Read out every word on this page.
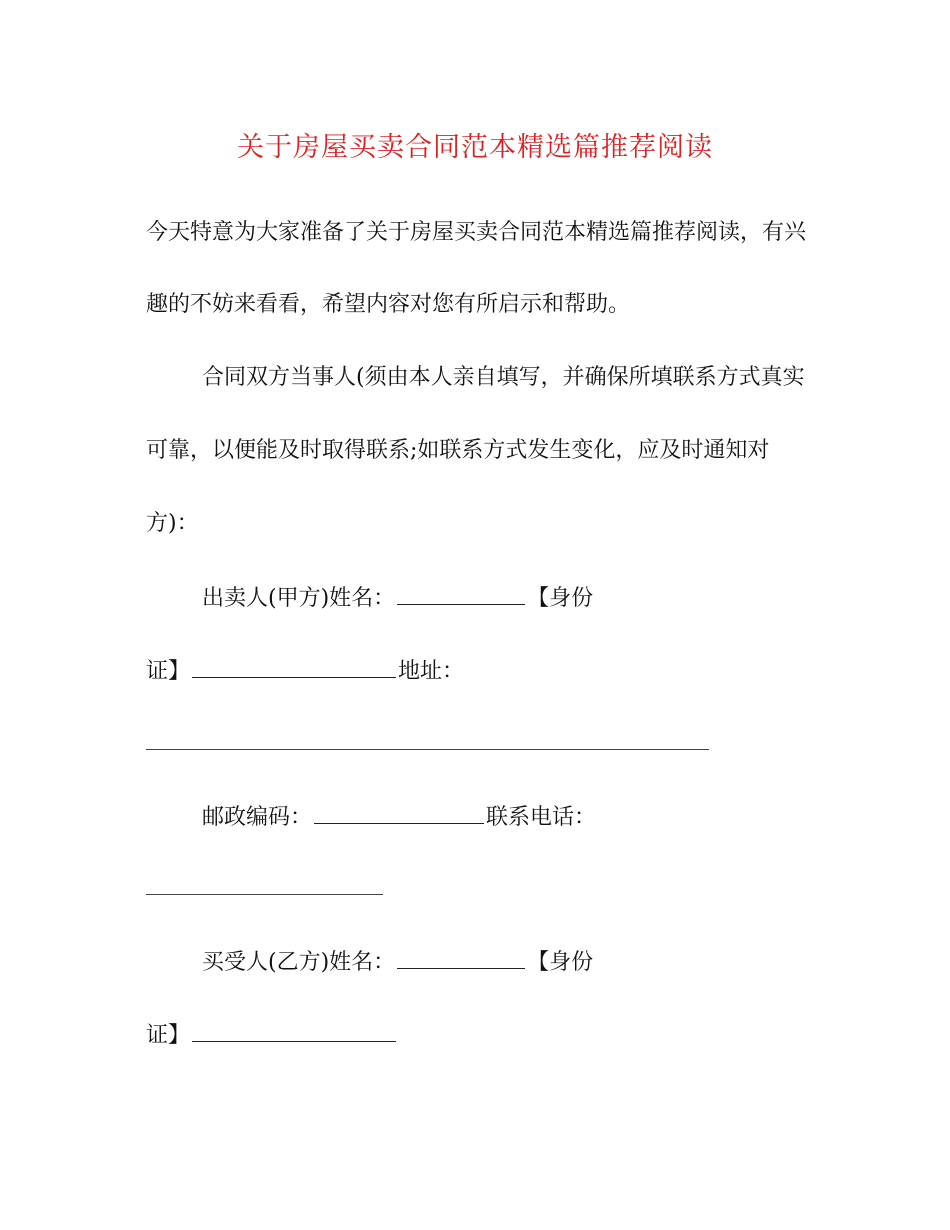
关于房屋买卖合同范本精选篇推荐阅读
今天特意为大家准备了关于房屋买卖合同范本精选篇推荐阅读，有兴
趣的不妨来看看，希望内容对您有所启示和帮助。
合同双方当事人(须由本人亲自填写，并确保所填联系方式真实
可靠，以便能及时取得联系;如联系方式发生变化，应及时通知对
方)：
出卖人(甲方)姓名：	【身份
证】	地址：
邮政编码：	联系电话：
买受人(乙方)姓名：	【身份
证】
